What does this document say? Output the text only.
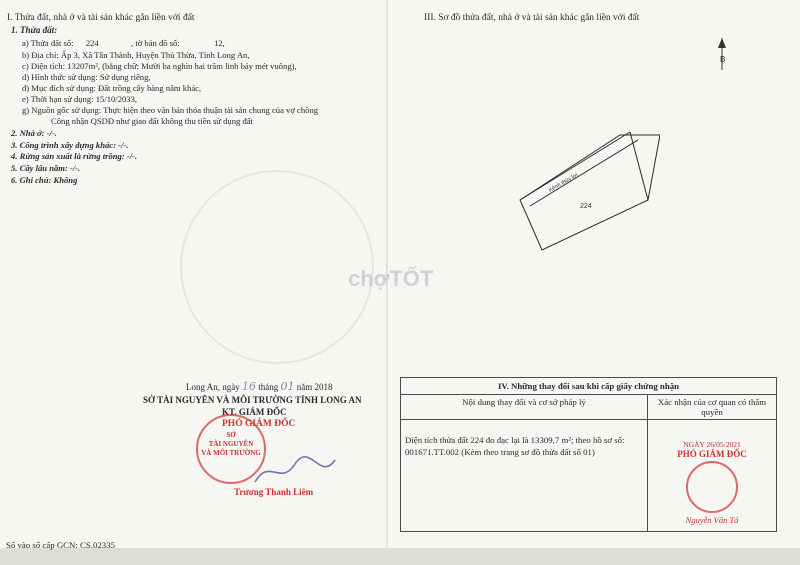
I. Thửa đất, nhà ở và tài sản khác gắn liền với đất
1. Thửa đất:
a) Thửa đất số: 224	, tờ bản đồ số:	12,
b) Địa chỉ: Ấp 3, Xã Tân Thành, Huyện Thủ Thừa, Tỉnh Long An,
c) Diện tích: 13207m², (bằng chữ: Mười ba nghìn hai trăm linh bảy mét vuông),
d) Hình thức sử dụng: Sử dụng riêng,
đ) Mục đích sử dụng: Đất trồng cây hàng năm khác,
e) Thời hạn sử dụng: 15/10/2033,
g) Nguồn gốc sử dụng: Thực hiện theo văn bản thỏa thuận tài sản chung của vợ chồng
Công nhận QSDĐ như giao đất không thu tiền sử dụng đất
2. Nhà ở: -/-.
3. Công trình xây dựng khác: -/-.
4. Rừng sản xuất là rừng trồng: -/-.
5. Cây lâu năm: -/-.
6. Ghi chú: Không
Long An, ngày 16 tháng 01 năm 2018
SỞ TÀI NGUYÊN VÀ MÔI TRƯỜNG TỈNH LONG AN
KT. GIÁM ĐỐC
PHÓ GIÁM ĐỐC
SỞ
TÀI NGUYÊN
VÀ MÔI TRƯỜNG
Trương Thanh Liêm
Số vào sổ cấp GCN: CS.02335
III. Sơ đồ thửa đất, nhà ở và tài sản khác gắn liền với đất
B
Kênh thủy lợi
224
chợTỐT
IV. Những thay đổi sau khi cấp giấy chứng nhận	
Nội dung thay đổi và cơ sở pháp lý	Xác nhận của cơ quan có thẩm quyền
Diện tích thửa đất 224 đo đạc lại là 13309,7 m²; theo hồ sơ số: 001671.TT.002 (Kèm theo trang sơ đồ thửa đất số 01)	NGÀY 26/05/2021
PHÓ GIÁM ĐỐC
Nguyễn Văn Tá
